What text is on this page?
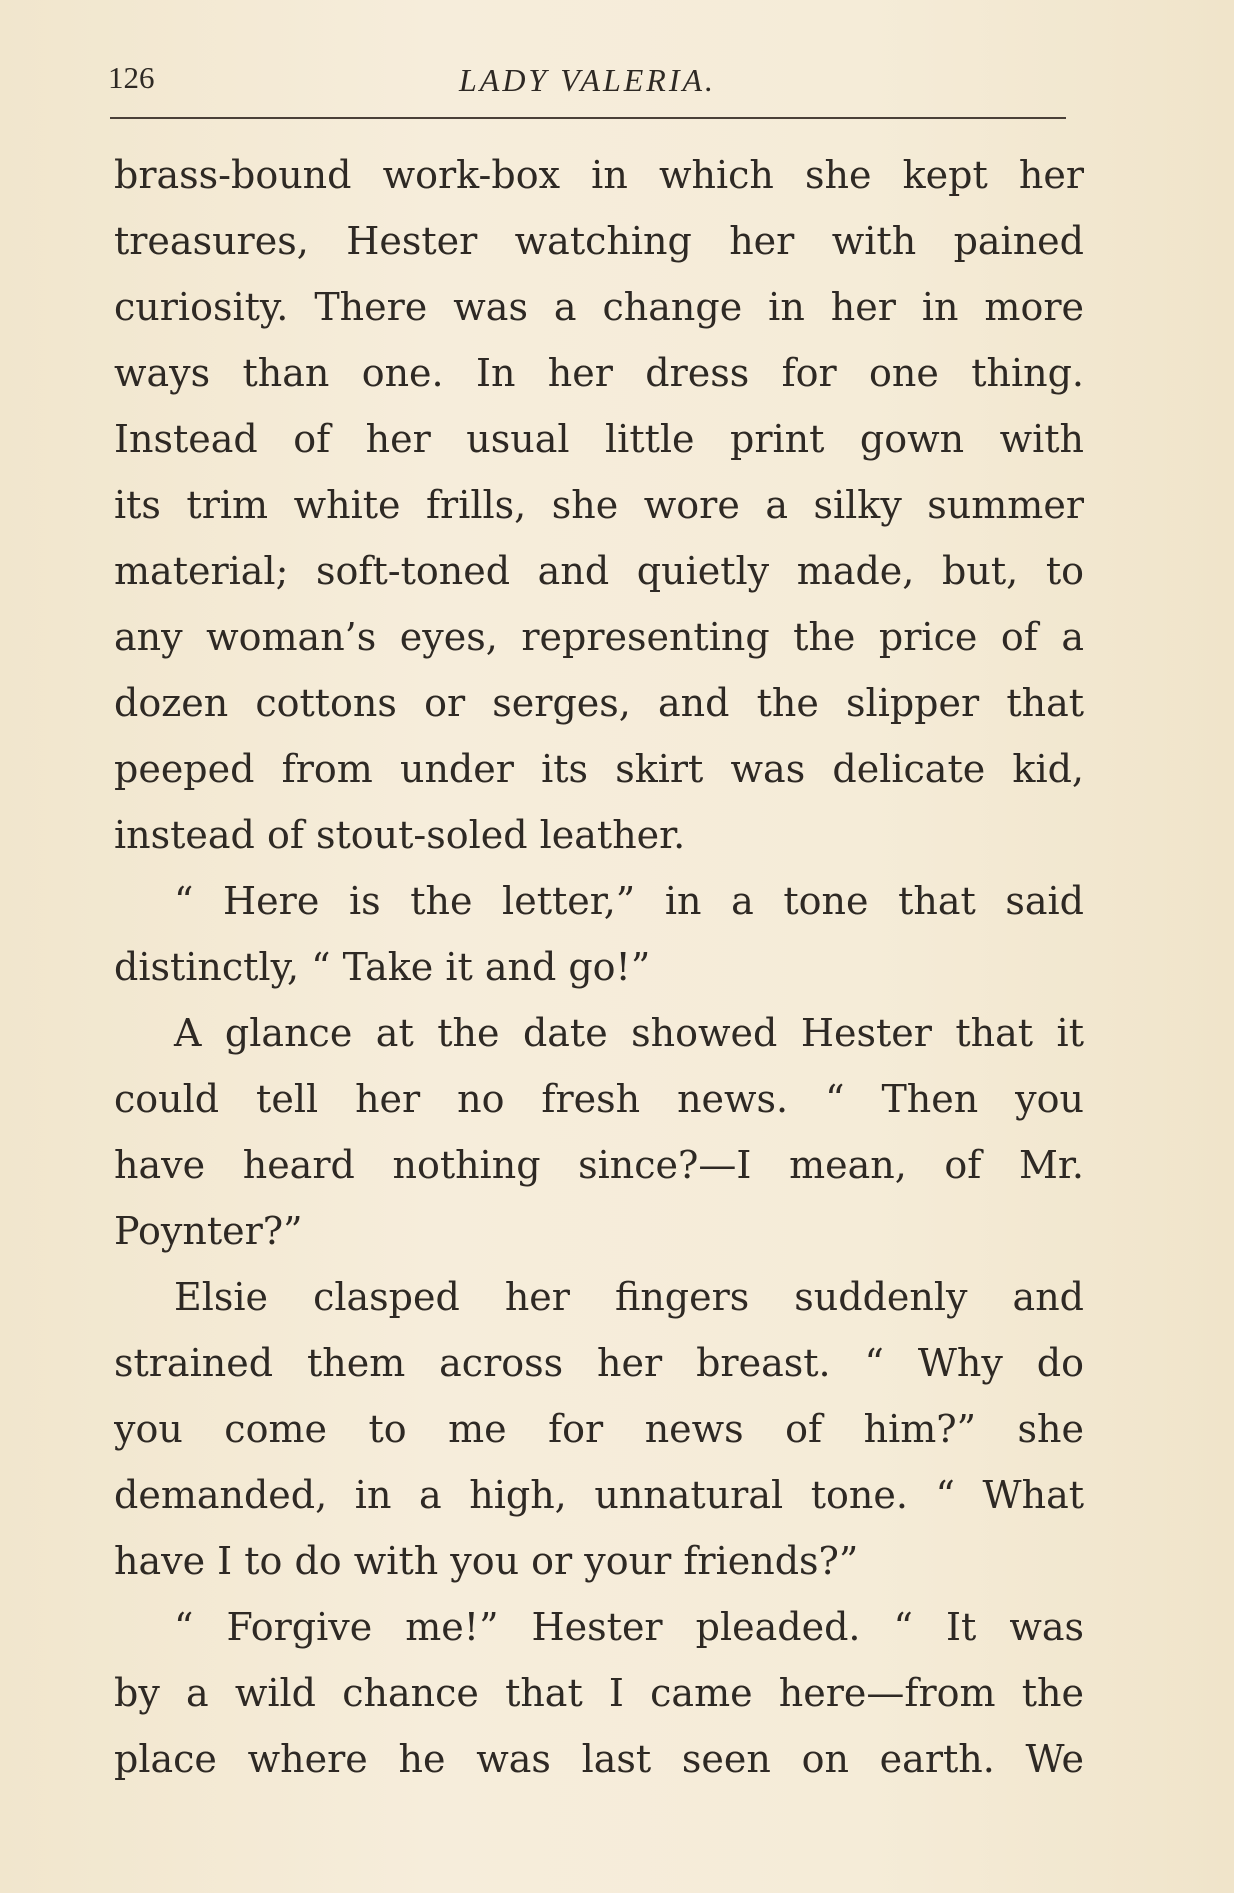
126	LADY VALERIA.
brass-bound work-box in which she kept her
treasures, Hester watching her with pained
curiosity. There was a change in her in more
ways than one. In her dress for one thing.
Instead of her usual little print gown with
its trim white frills, she wore a silky summer
material; soft-toned and quietly made, but, to
any woman’s eyes, representing the price of a
dozen cottons or serges, and the slipper that
peeped from under its skirt was delicate kid,
instead of stout-soled leather.
“ Here is the letter,” in a tone that said
distinctly, “ Take it and go!”
A glance at the date showed Hester that it
could tell her no fresh news. “ Then you
have heard nothing since?—I mean, of Mr.
Poynter?”
Elsie clasped her fingers suddenly and
strained them across her breast. “ Why do
you come to me for news of him?” she
demanded, in a high, unnatural tone. “ What
have I to do with you or your friends?”
“ Forgive me!” Hester pleaded. “ It was
by a wild chance that I came here—from the
place where he was last seen on earth. We
